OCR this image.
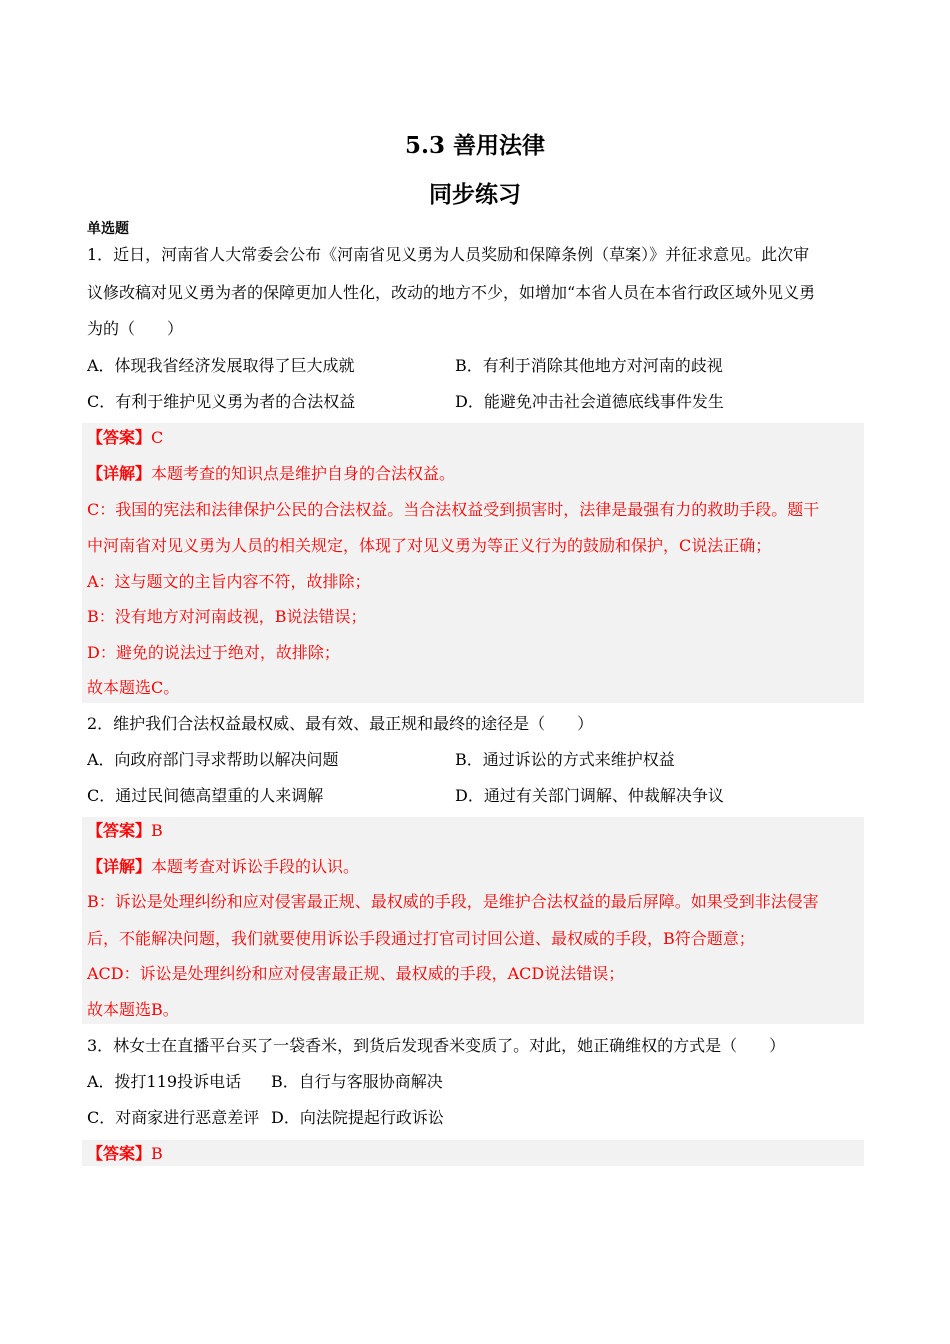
5.3 善用法律
同步练习
单选题
1．近日，河南省人大常委会公布《河南省见义勇为人员奖励和保障条例（草案）》并征求意见。此次审
议修改稿对见义勇为者的保障更加人性化，改动的地方不少，如增加“本省人员在本省行政区域外见义勇
为的（　　）
A．体现我省经济发展取得了巨大成就	B．有利于消除其他地方对河南的歧视
C．有利于维护见义勇为者的合法权益	D．能避免冲击社会道德底线事件发生
【答案】C
【详解】本题考查的知识点是维护自身的合法权益。
C：我国的宪法和法律保护公民的合法权益。当合法权益受到损害时，法律是最强有力的救助手段。题干
中河南省对见义勇为人员的相关规定，体现了对见义勇为等正义行为的鼓励和保护，C说法正确；
A：这与题文的主旨内容不符，故排除；
B：没有地方对河南歧视，B说法错误；
D：避免的说法过于绝对，故排除；
故本题选C。
2．维护我们合法权益最权威、最有效、最正规和最终的途径是（　　）
A．向政府部门寻求帮助以解决问题	B．通过诉讼的方式来维护权益
C．通过民间德高望重的人来调解	D．通过有关部门调解、仲裁解决争议
【答案】B
【详解】本题考查对诉讼手段的认识。
B：诉讼是处理纠纷和应对侵害最正规、最权威的手段，是维护合法权益的最后屏障。如果受到非法侵害
后，不能解决问题，我们就要使用诉讼手段通过打官司讨回公道、最权威的手段，B符合题意；
ACD：诉讼是处理纠纷和应对侵害最正规、最权威的手段，ACD说法错误；
故本题选B。
3．林女士在直播平台买了一袋香米，到货后发现香米变质了。对此，她正确维权的方式是（　　）
A．拨打119投诉电话 B．自行与客服协商解决
C．对商家进行恶意差评 D．向法院提起行政诉讼
【答案】B
